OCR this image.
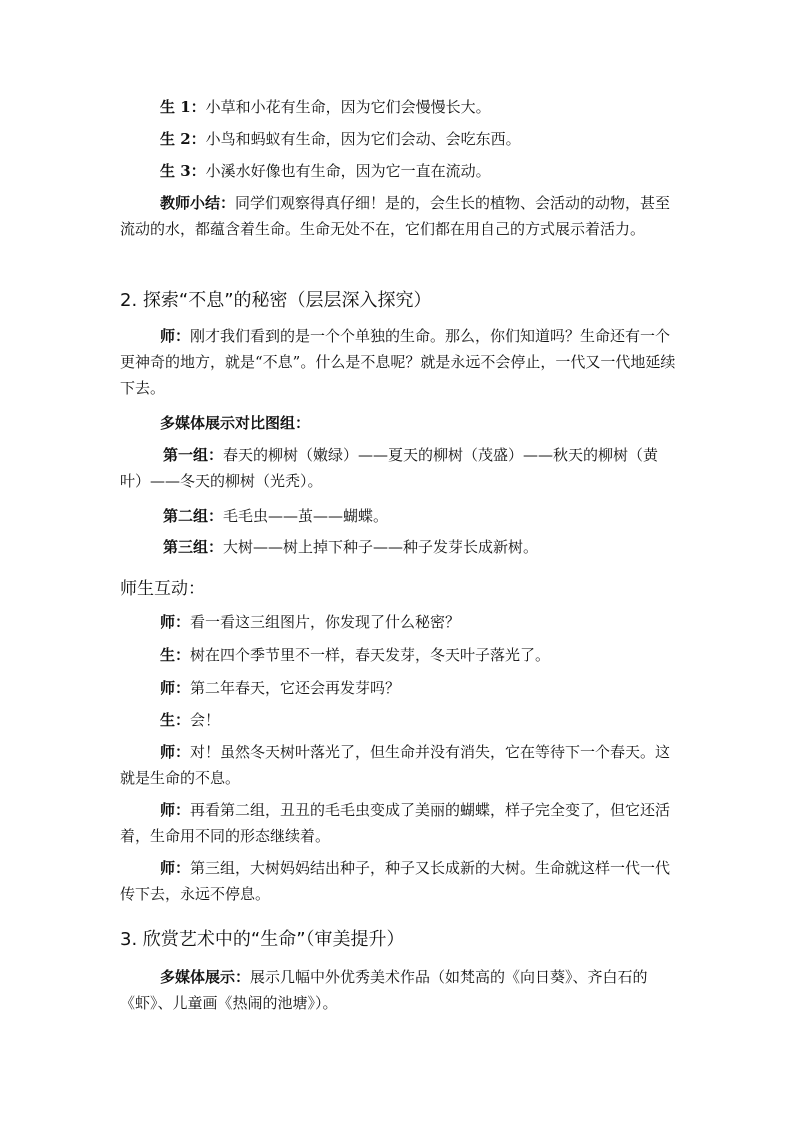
生 1：小草和小花有生命，因为它们会慢慢长大。

生 2：小鸟和蚂蚁有生命，因为它们会动、会吃东西。

生 3：小溪水好像也有生命，因为它一直在流动。

教师小结：同学们观察得真仔细！是的，会生长的植物、会活动的动物，甚至流动的水，都蕴含着生命。生命无处不在，它们都在用自己的方式展示着活力。

2. 探索“不息”的秘密（层层深入探究）

师：刚才我们看到的是一个个单独的生命。那么，你们知道吗？生命还有一个更神奇的地方，就是“不息”。什么是不息呢？就是永远不会停止，一代又一代地延续下去。

多媒体展示对比图组：

第一组：春天的柳树（嫩绿）——夏天的柳树（茂盛）——秋天的柳树（黄叶）——冬天的柳树（光秃）。

第二组：毛毛虫——茧——蝴蝶。

第三组：大树——树上掉下种子——种子发芽长成新树。

师生互动：

师：看一看这三组图片，你发现了什么秘密？

生：树在四个季节里不一样，春天发芽，冬天叶子落光了。

师：第二年春天，它还会再发芽吗？

生：会！

师：对！虽然冬天树叶落光了，但生命并没有消失，它在等待下一个春天。这就是生命的不息。

师：再看第二组，丑丑的毛毛虫变成了美丽的蝴蝶，样子完全变了，但它还活着，生命用不同的形态继续着。

师：第三组，大树妈妈结出种子，种子又长成新的大树。生命就这样一代一代传下去，永远不停息。

3. 欣赏艺术中的“生命”（审美提升）

多媒体展示：展示几幅中外优秀美术作品（如梵高的《向日葵》、齐白石的《虾》、儿童画《热闹的池塘》）。
